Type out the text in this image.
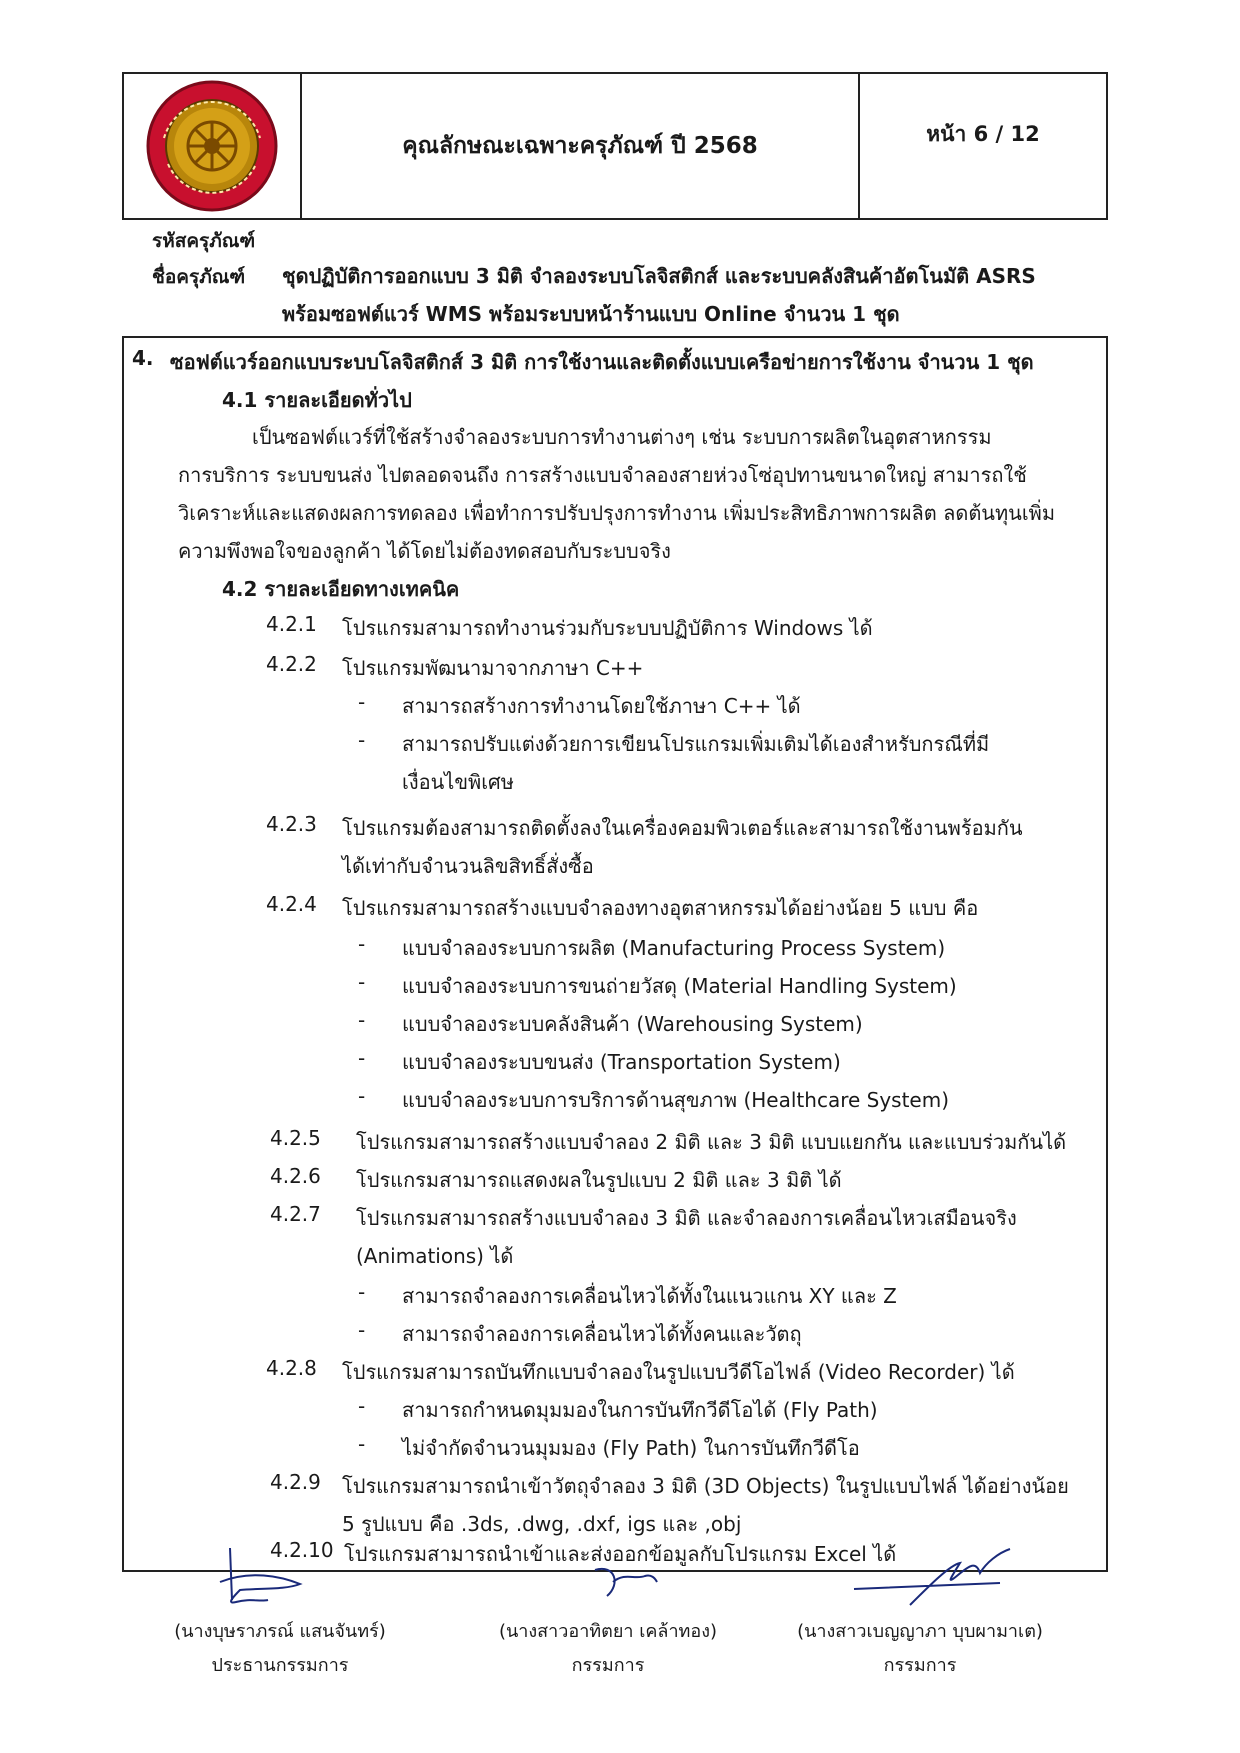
คุณลักษณะเฉพาะครุภัณฑ์ ปี 2568	หน้า 6 / 12
รหัสครุภัณฑ์
ชื่อครุภัณฑ์ ชุดปฏิบัติการออกแบบ 3 มิติ จำลองระบบโลจิสติกส์ และระบบคลังสินค้าอัตโนมัติ ASRS
พร้อมซอฟต์แวร์ WMS พร้อมระบบหน้าร้านแบบ Online จำนวน 1 ชุด
4. ซอฟต์แวร์ออกแบบระบบโลจิสติกส์ 3 มิติ การใช้งานและติดตั้งแบบเครือข่ายการใช้งาน จำนวน 1 ชุด
4.1 รายละเอียดทั่วไป
เป็นซอฟต์แวร์ที่ใช้สร้างจำลองระบบการทำงานต่างๆ เช่น ระบบการผลิตในอุตสาหกรรม
การบริการ ระบบขนส่ง ไปตลอดจนถึง การสร้างแบบจำลองสายห่วงโซ่อุปทานขนาดใหญ่ สามารถใช้
วิเคราะห์และแสดงผลการทดลอง เพื่อทำการปรับปรุงการทำงาน เพิ่มประสิทธิภาพการผลิต ลดต้นทุนเพิ่ม
ความพึงพอใจของลูกค้า ได้โดยไม่ต้องทดสอบกับระบบจริง
4.2 รายละเอียดทางเทคนิค
4.2.1 โปรแกรมสามารถทำงานร่วมกับระบบปฏิบัติการ Windows ได้
4.2.2 โปรแกรมพัฒนามาจากภาษา C++
- สามารถสร้างการทำงานโดยใช้ภาษา C++ ได้
- สามารถปรับแต่งด้วยการเขียนโปรแกรมเพิ่มเติมได้เองสำหรับกรณีที่มี
เงื่อนไขพิเศษ
4.2.3 โปรแกรมต้องสามารถติดตั้งลงในเครื่องคอมพิวเตอร์และสามารถใช้งานพร้อมกัน
ได้เท่ากับจำนวนลิขสิทธิ์สั่งซื้อ
4.2.4 โปรแกรมสามารถสร้างแบบจำลองทางอุตสาหกรรมได้อย่างน้อย 5 แบบ คือ
- แบบจำลองระบบการผลิต (Manufacturing Process System)
- แบบจำลองระบบการขนถ่ายวัสดุ (Material Handling System)
- แบบจำลองระบบคลังสินค้า (Warehousing System)
- แบบจำลองระบบขนส่ง (Transportation System)
- แบบจำลองระบบการบริการด้านสุขภาพ (Healthcare System)
4.2.5 โปรแกรมสามารถสร้างแบบจำลอง 2 มิติ และ 3 มิติ แบบแยกกัน และแบบร่วมกันได้
4.2.6 โปรแกรมสามารถแสดงผลในรูปแบบ 2 มิติ และ 3 มิติ ได้
4.2.7 โปรแกรมสามารถสร้างแบบจำลอง 3 มิติ และจำลองการเคลื่อนไหวเสมือนจริง
(Animations) ได้
- สามารถจำลองการเคลื่อนไหวได้ทั้งในแนวแกน XY และ Z
- สามารถจำลองการเคลื่อนไหวได้ทั้งคนและวัตถุ
4.2.8 โปรแกรมสามารถบันทึกแบบจำลองในรูปแบบวีดีโอไฟล์ (Video Recorder) ได้
- สามารถกำหนดมุมมองในการบันทึกวีดีโอได้ (Fly Path)
- ไม่จำกัดจำนวนมุมมอง (Fly Path) ในการบันทึกวีดีโอ
4.2.9 โปรแกรมสามารถนำเข้าวัตถุจำลอง 3 มิติ (3D Objects) ในรูปแบบไฟล์ ได้อย่างน้อย
5 รูปแบบ คือ .3ds, .dwg, .dxf, igs และ ,obj
4.2.10 โปรแกรมสามารถนำเข้าและส่งออกข้อมูลกับโปรแกรม Excel ได้
(นางบุษราภรณ์ แสนจันทร์)
ประธานกรรมการ
(นางสาวอาทิตยา เคล้าทอง)
กรรมการ
(นางสาวเบญญาภา บุบผามาเต)
กรรมการ
